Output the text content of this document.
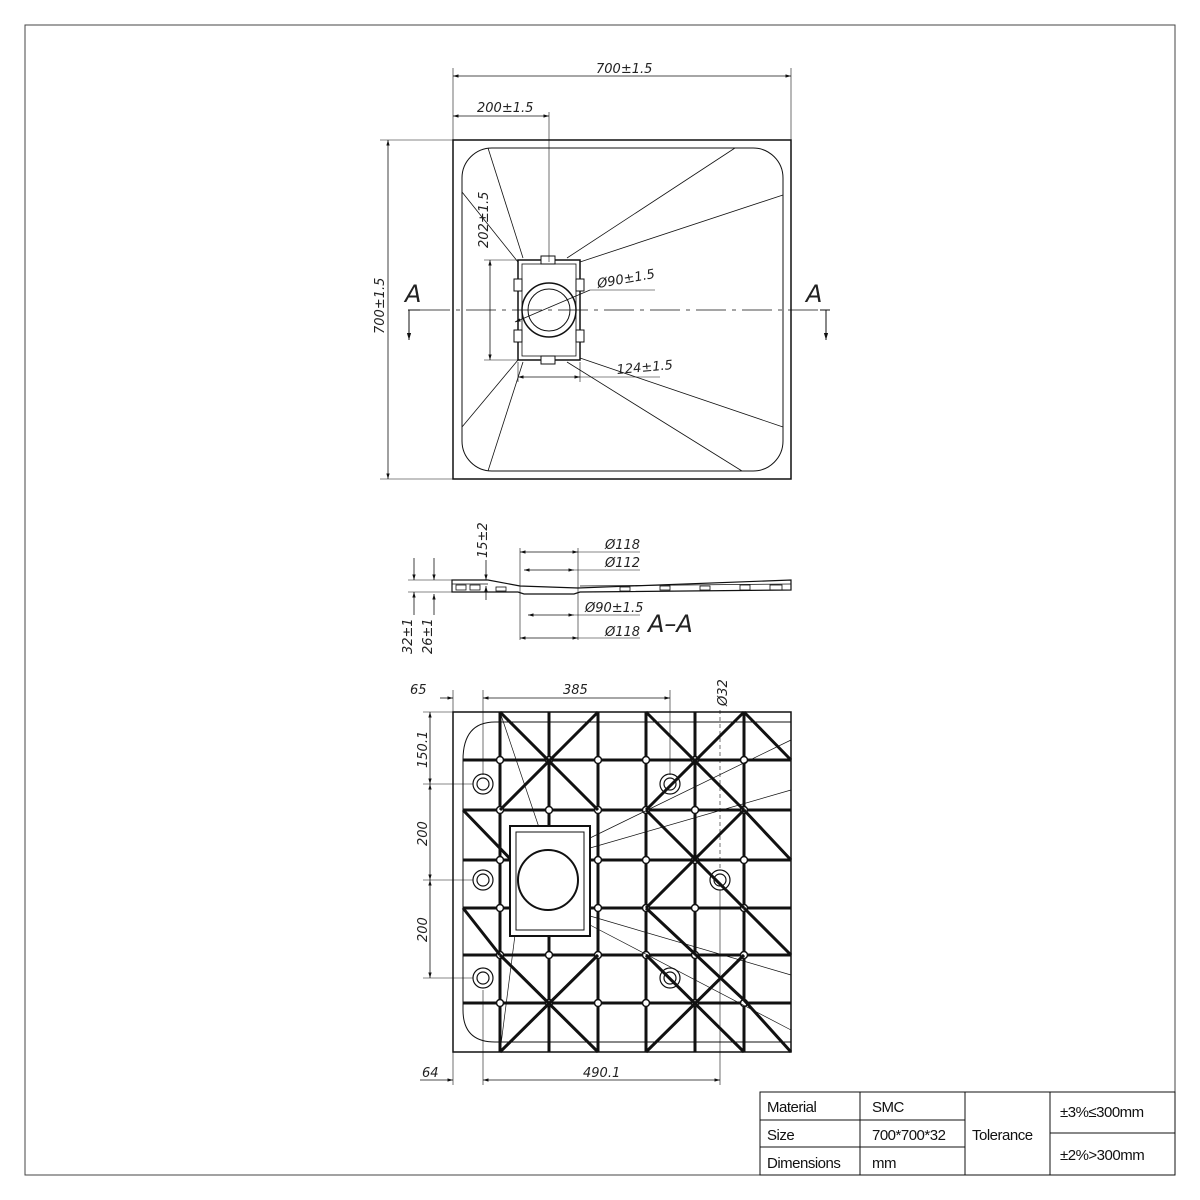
700±1.5
200±1.5
700±1.5
202±1.5
Ø90±1.5
124±1.5
A	A
15±2	Ø118
Ø112
Ø90±1.5
Ø118 A–A
32±1 26±1
65	385	Ø32
150.1
200
200
64	490.1
Material	SMC
Size	700*700*32
Dimensions mm
Tolerance
±3%≤300mm
±2%>300mm
